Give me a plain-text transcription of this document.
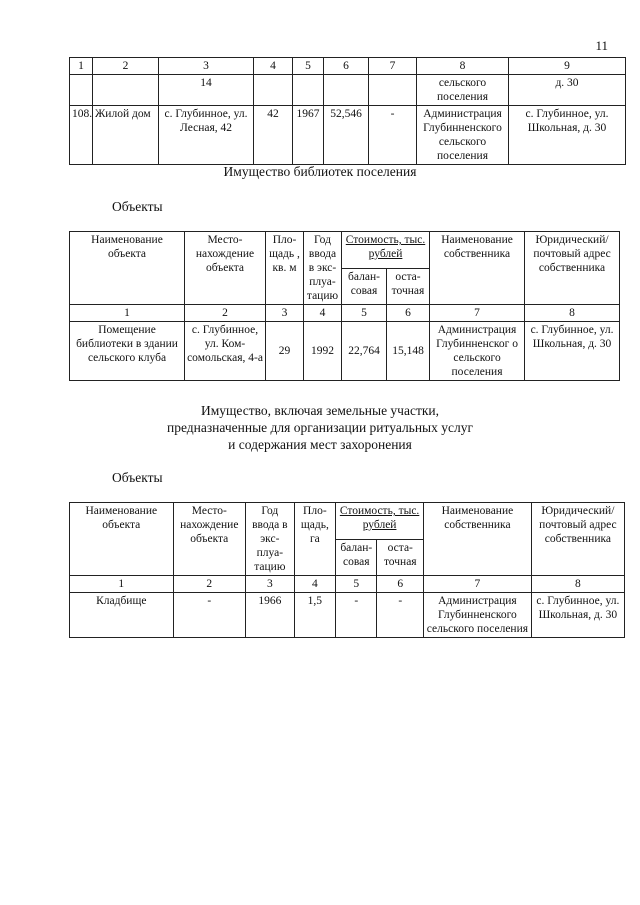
11
1	2	3	4	5	6	7	8	9
		14					сельского поселения	д. 30
108.	Жилой дом	с. Глубинное, ул. Лесная, 42	42	1967	52,546	-	Администрация Глубинненского сельского поселения	с. Глубинное, ул. Школьная, д. 30
Имущество библиотек поселения
Объекты
Наименование объекта	Место-нахождение объекта	Пло-щадь , кв. м	Год ввода в экс-плуа-тацию	Стоимость, тыс. рублей		Наименование собственника	Юридический/ почтовый адрес собственника
				балан-совая	оста-точная		
1	2	3	4	5	6	7	8
Помещение библиотеки в здании сельского клуба	с. Глубинное, ул. Ком-сомольская, 4-а	29	1992	22,764	15,148	Администрация Глубинненског о сельского поселения	с. Глубинное, ул. Школьная, д. 30
Имущество, включая земельные участки,
предназначенные для организации ритуальных услуг
и содержания мест захоронения
Объекты
Наименование объекта	Место-нахождение объекта	Год ввода в экс-плуа-тацию	Пло-щадь, га	Стоимость, тыс. рублей		Наименование собственника	Юридический/ почтовый адрес собственника
				балан-совая	оста-точная		
1	2	3	4	5	6	7	8
Кладбище	-	1966	1,5	-	-	Администрация Глубинненского сельского поселения	с. Глубинное, ул. Школьная, д. 30
